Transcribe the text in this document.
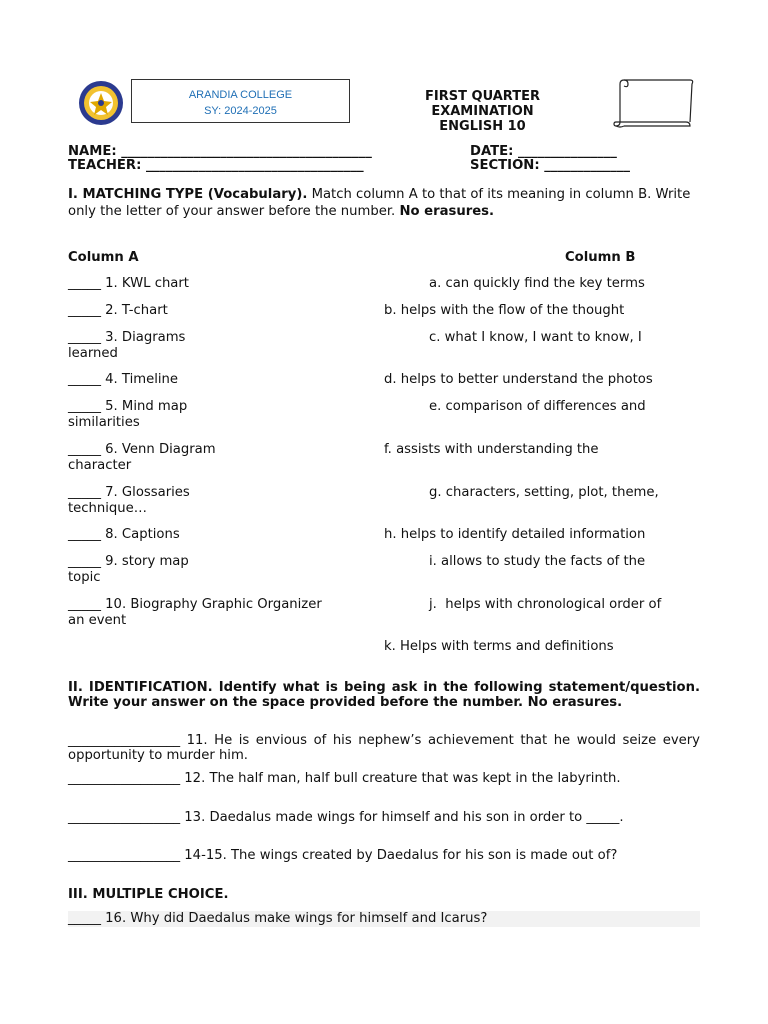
ARANDIA COLLEGE
SY: 2024-2025
FIRST QUARTER
EXAMINATION
ENGLISH 10
NAME: ______________________________________	DATE: _______________
TEACHER: _________________________________	SECTION: _____________
I. MATCHING TYPE (Vocabulary). Match column A to that of its meaning in column B. Write only the letter of your answer before the number. No erasures.
Column A	Column B
_____ 1. KWL chart	a. can quickly find the key terms
_____ 2. T-chart	b. helps with the flow of the thought
_____ 3. Diagrams	c. what I know, I want to know, I
learned
_____ 4. Timeline	d. helps to better understand the photos
_____ 5. Mind map	e. comparison of differences and
similarities
_____ 6. Venn Diagram	f. assists with understanding the
character
_____ 7. Glossaries	g. characters, setting, plot, theme,
technique…
_____ 8. Captions	h. helps to identify detailed information
_____ 9. story map	i. allows to study the facts of the
topic
_____ 10. Biography Graphic Organizer	j.  helps with chronological order of
an event
k. Helps with terms and definitions
II. IDENTIFICATION. Identify what is being ask in the following statement/question. Write your answer on the space provided before the number. No erasures.
_________________ 11. He is envious of his nephew’s achievement that he would seize every opportunity to murder him.
_________________ 12. The half man, half bull creature that was kept in the labyrinth.
_________________ 13. Daedalus made wings for himself and his son in order to _____.
_________________ 14-15. The wings created by Daedalus for his son is made out of?
III. MULTIPLE CHOICE.
_____ 16. Why did Daedalus make wings for himself and Icarus?
